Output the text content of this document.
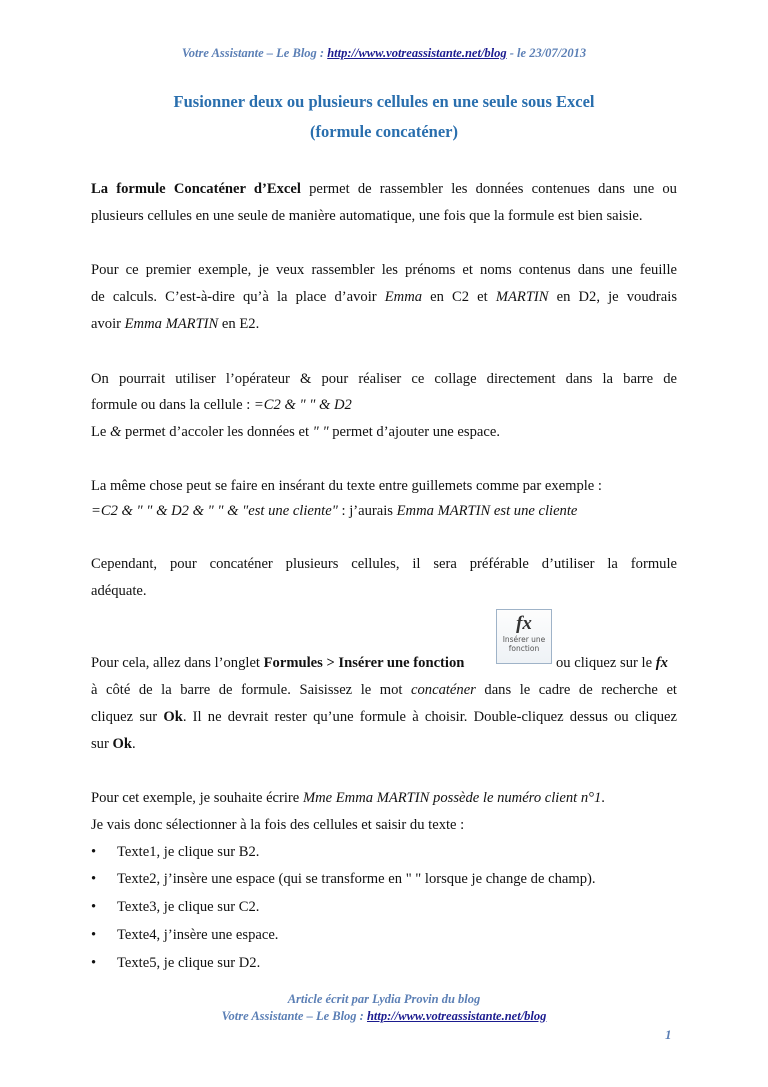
Votre Assistante – Le Blog : http://www.votreassistante.net/blog - le 23/07/2013
Fusionner deux ou plusieurs cellules en une seule sous Excel
(formule concaténer)
La formule Concaténer d’Excel permet de rassembler les données contenues dans une ou
plusieurs cellules en une seule de manière automatique, une fois que la formule est bien saisie.
Pour ce premier exemple, je veux rassembler les prénoms et noms contenus dans une feuille
de calculs. C’est-à-dire qu’à la place d’avoir Emma en C2 et MARTIN en D2, je voudrais
avoir Emma MARTIN en E2.
On pourrait utiliser l’opérateur & pour réaliser ce collage directement dans la barre de
formule ou dans la cellule : =C2 & " " & D2
Le & permet d’accoler les données et " " permet d’ajouter une espace.
La même chose peut se faire en insérant du texte entre guillemets comme par exemple :
=C2 & " " & D2 & " " & "est une cliente" : j’aurais Emma MARTIN est une cliente
Cependant, pour concaténer plusieurs cellules, il sera préférable d’utiliser la formule
adéquate.
fx
Insérer une fonction
Pour cela, allez dans l’onglet Formules > Insérer une fonction	ou cliquez sur le fx
à côté de la barre de formule. Saisissez le mot concaténer dans le cadre de recherche et
cliquez sur Ok. Il ne devrait rester qu’une formule à choisir. Double-cliquez dessus ou cliquez
sur Ok.
Pour cet exemple, je souhaite écrire Mme Emma MARTIN possède le numéro client n°1.
Je vais donc sélectionner à la fois des cellules et saisir du texte :
• Texte1, je clique sur B2.
• Texte2, j’insère une espace (qui se transforme en " " lorsque je change de champ).
• Texte3, je clique sur C2.
• Texte4, j’insère une espace.
• Texte5, je clique sur D2.
Article écrit par Lydia Provin du blog
Votre Assistante – Le Blog : http://www.votreassistante.net/blog
1
